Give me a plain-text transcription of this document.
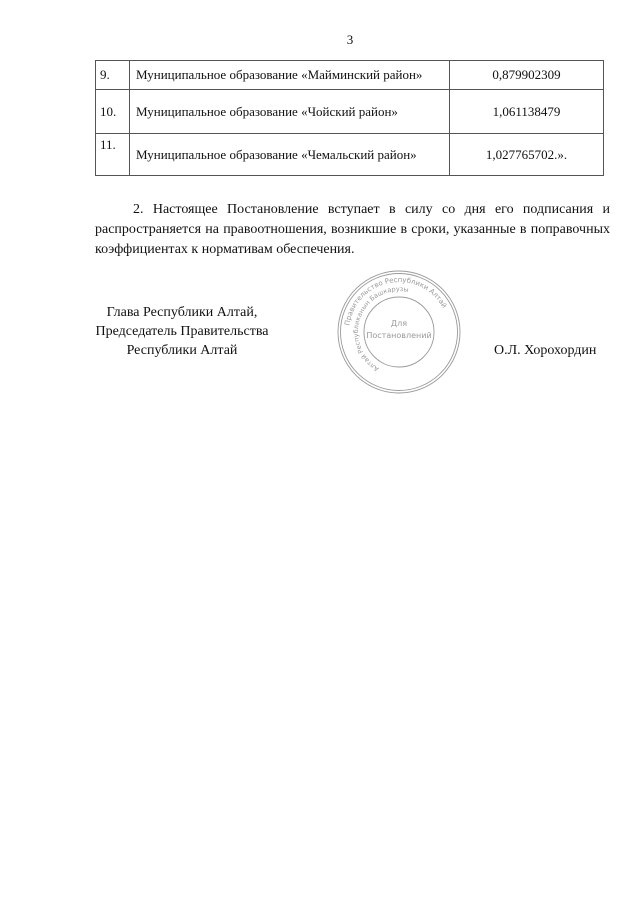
3
9.	Муниципальное образование «Майминский район»	0,879902309
10.	Муниципальное образование «Чойский район»	1,061138479
11.	Муниципальное образование «Чемальский район»	1,027765702.».

2. Настоящее Постановление вступает в силу со дня его подписания и распространяется на правоотношения, возникшие в сроки, указанные в поправочных коэффициентах к нормативам обеспечения.

Глава Республики Алтай,
Председатель Правительства
Республики Алтай
Правительство Республики Алтай
Алтай Республиканын Башкарузы
Для
Постановлений
О.Л. Хорохордин
